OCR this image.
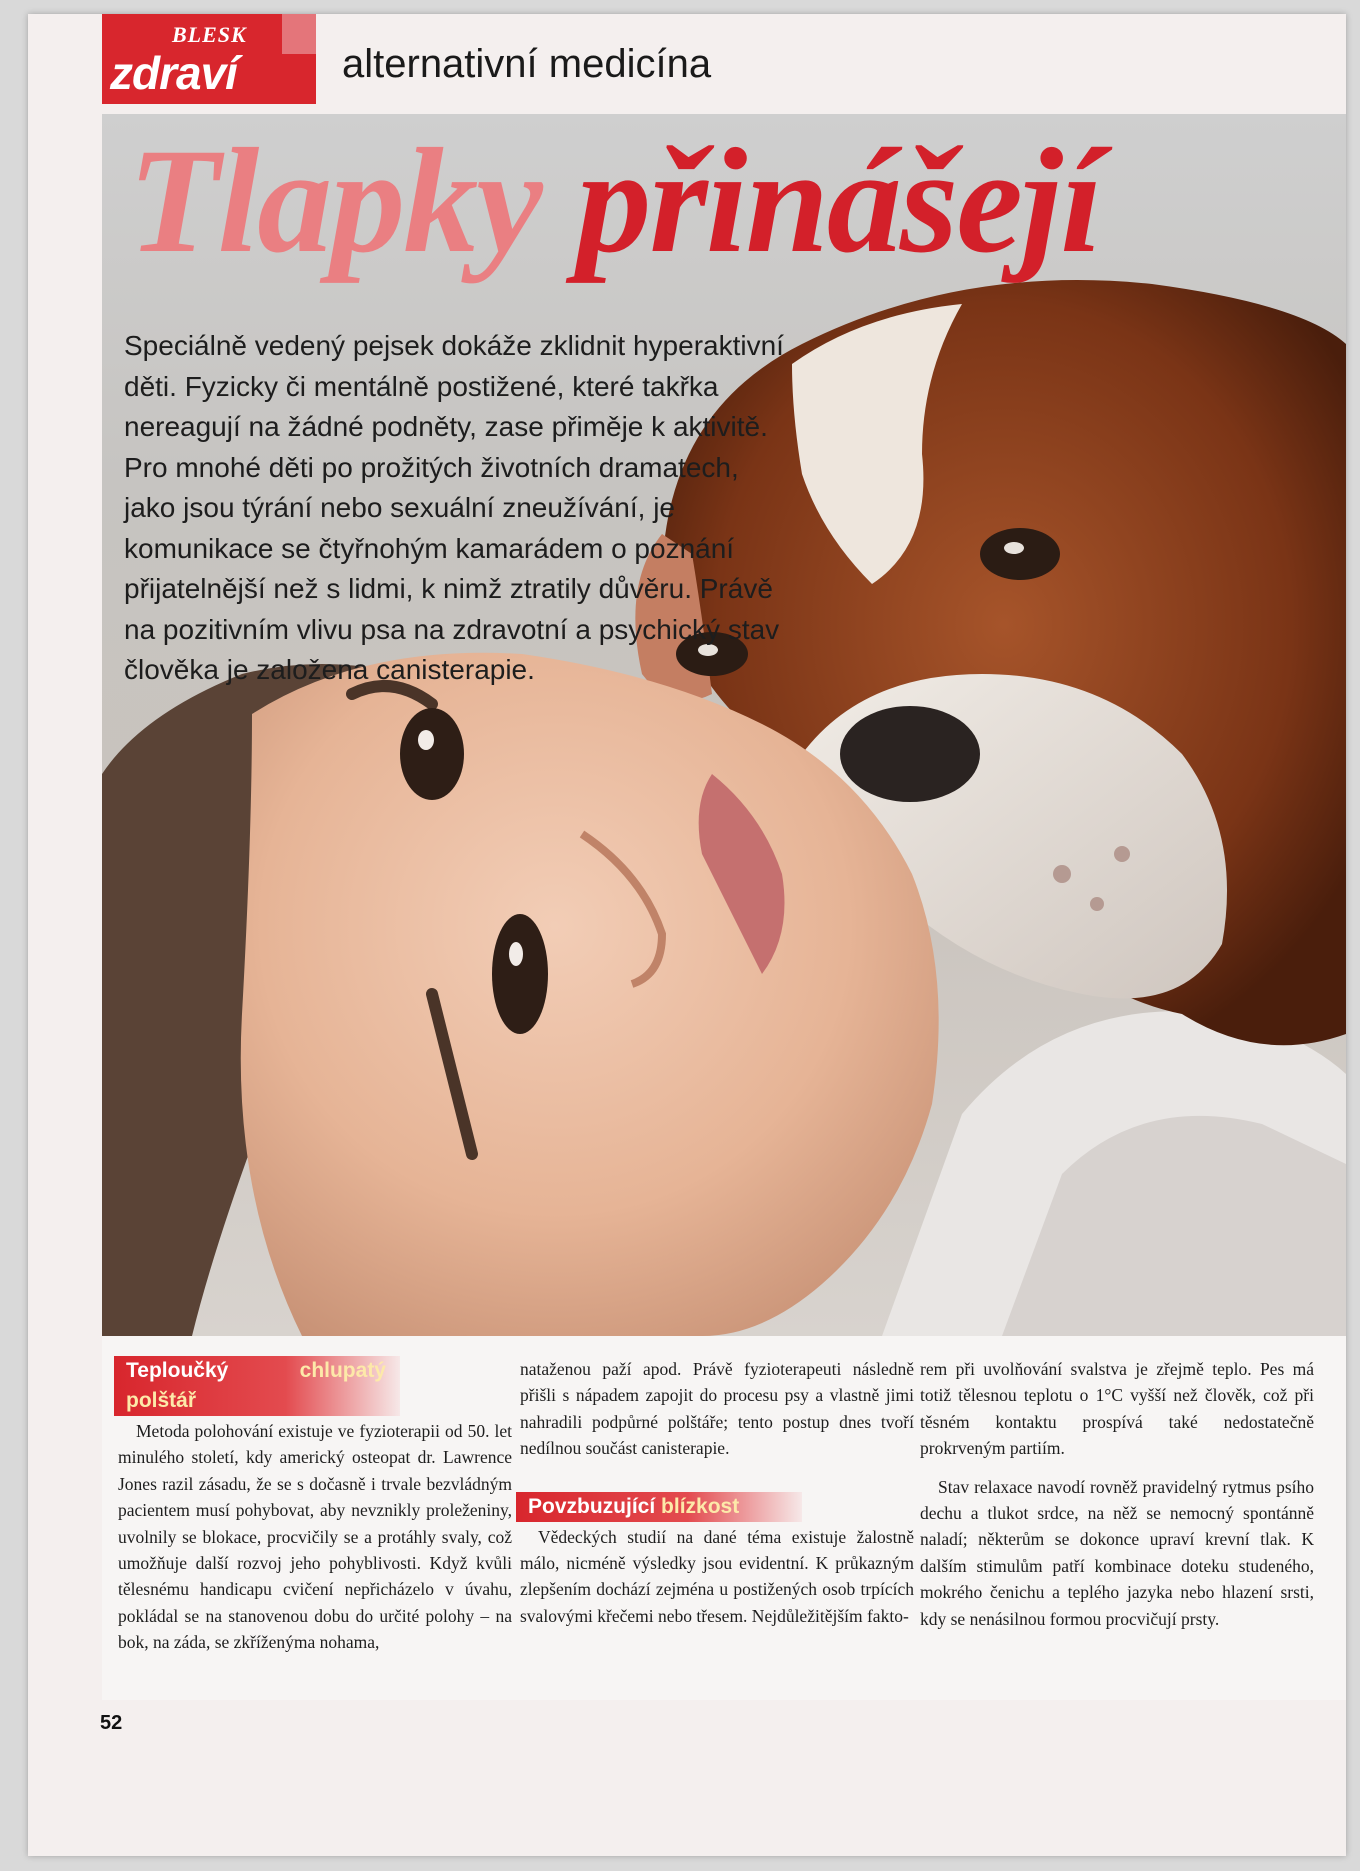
BLESK
zdraví	alternativní medicína
Tlapky přinášejí

Speciálně vedený pejsek dokáže zklidnit hyperaktivní děti. Fyzicky či mentálně postižené, které takřka nereagují na žádné podněty, zase přiměje k aktivitě. Pro mnohé děti po prožitých životních dramatech, jako jsou týrání nebo sexuální zneužívání, je komunikace se čtyřnohým kamarádem o poznání přijatelnější než s lidmi, k nimž ztratily důvěru. Právě na pozitivním vlivu psa na zdravotní a psychický stav člověka je založena canisterapie.

Teploučký	chlupatý polštář

Metoda polohování existuje ve fyzioterapii od 50. let minulého století, kdy americký osteopat dr. Lawrence Jones razil zásadu, že se s dočasně i trvale bezvládným pacientem musí pohybovat, aby nevznikly proleženiny, uvolnily se blokace, procvičily se a protáhly svaly, což umožňuje další rozvoj jeho pohyblivosti. Když kvůli tělesnému handicapu cvičení nepřicházelo v úvahu, pokládal se na stanovenou dobu do určité polohy – na bok, na záda, se zkříženýma nohama,

nataženou paží apod. Právě fyzioterapeuti následně přišli s nápadem zapojit do procesu psy a vlastně jimi nahradili podpůrné polštáře; tento postup dnes tvoří nedílnou součást canisterapie.

Povzbuzující blízkost

Vědeckých studií na dané téma existuje žalostně málo, nicméně výsledky jsou evidentní. K průkazným zlepšením dochází zejména u postižených osob trpících svalovými křečemi nebo třesem. Nejdůležitějším fakto-

rem při uvolňování svalstva je zřejmě teplo. Pes má totiž tělesnou teplotu o 1°C vyšší než člověk, což při těsném kontaktu prospívá také nedostatečně prokrveným partiím.

Stav relaxace navodí rovněž pravidelný rytmus psího dechu a tlukot srdce, na něž se nemocný spontánně naladí; některům se dokonce upraví krevní tlak. K dalším stimulům patří kombinace doteku studeného, mokrého čenichu a teplého jazyka nebo hlazení srsti, kdy se nenásilnou formou procvičují prsty.

52
